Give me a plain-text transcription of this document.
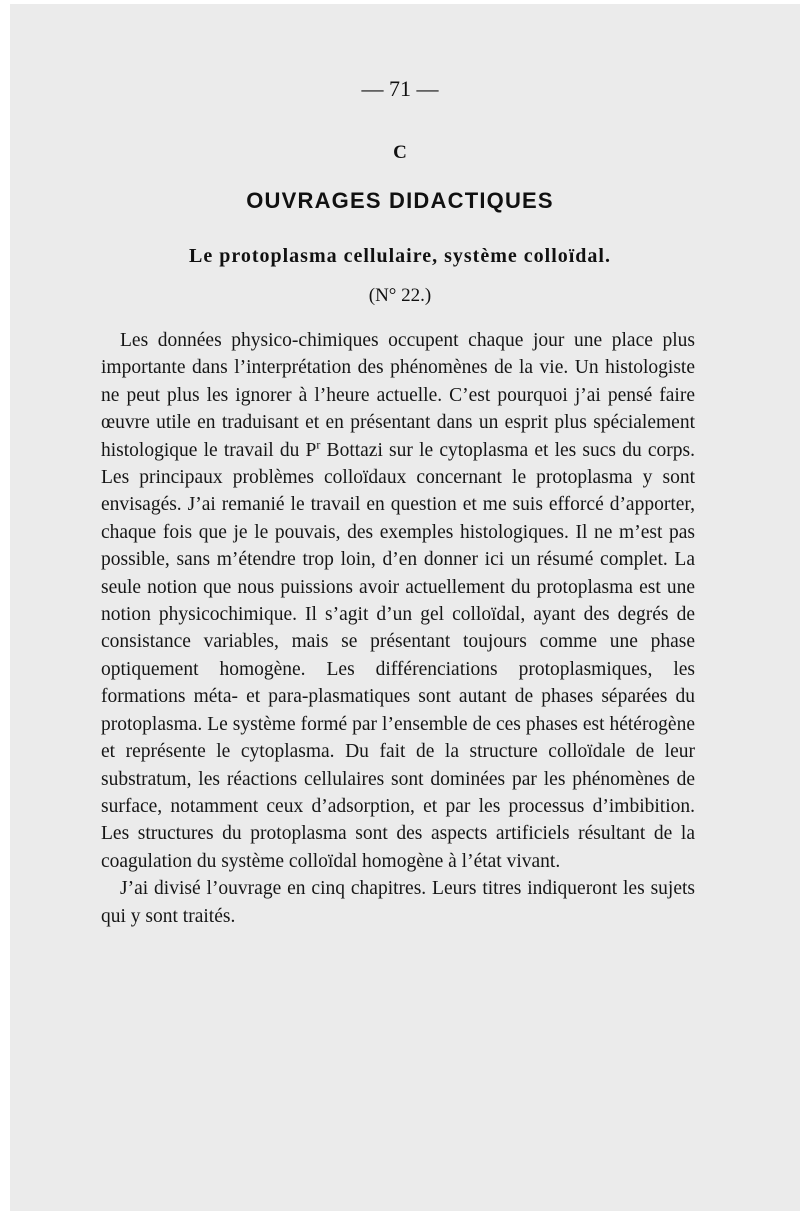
— 71 —
C
OUVRAGES DIDACTIQUES
Le protoplasma cellulaire, système colloïdal.
(N° 22.)

Les données physico-chimiques occupent chaque jour une place plus importante dans l’interprétation des phénomènes de la vie. Un histologiste ne peut plus les ignorer à l’heure actuelle. C’est pourquoi j’ai pensé faire œuvre utile en traduisant et en présentant dans un esprit plus spécialement histologique le travail du $P^r$ Bottazi sur le cytoplasma et les sucs du corps. Les principaux problèmes colloïdaux concernant le protoplasma y sont envisagés. J’ai remanié le travail en question et me suis efforcé d’apporter, chaque fois que je le pouvais, des exemples histologiques. Il ne m’est pas possible, sans m’étendre trop loin, d’en donner ici un résumé complet. La seule notion que nous puissions avoir actuellement du protoplasma est une notion physicochimique. Il s’agit d’un gel colloïdal, ayant des degrés de consistance variables, mais se présentant toujours comme une phase optiquement homogène. Les différenciations protoplasmiques, les formations méta- et para-plasmatiques sont autant de phases séparées du protoplasma. Le système formé par l’ensemble de ces phases est hétérogène et représente le cytoplasma. Du fait de la structure colloïdale de leur substratum, les réactions cellulaires sont dominées par les phénomènes de surface, notamment ceux d’adsorption, et par les processus d’imbibition. Les structures du protoplasma sont des aspects artificiels résultant de la coagulation du système colloïdal homogène à l’état vivant.

J’ai divisé l’ouvrage en cinq chapitres. Leurs titres indiqueront les sujets qui y sont traités.
